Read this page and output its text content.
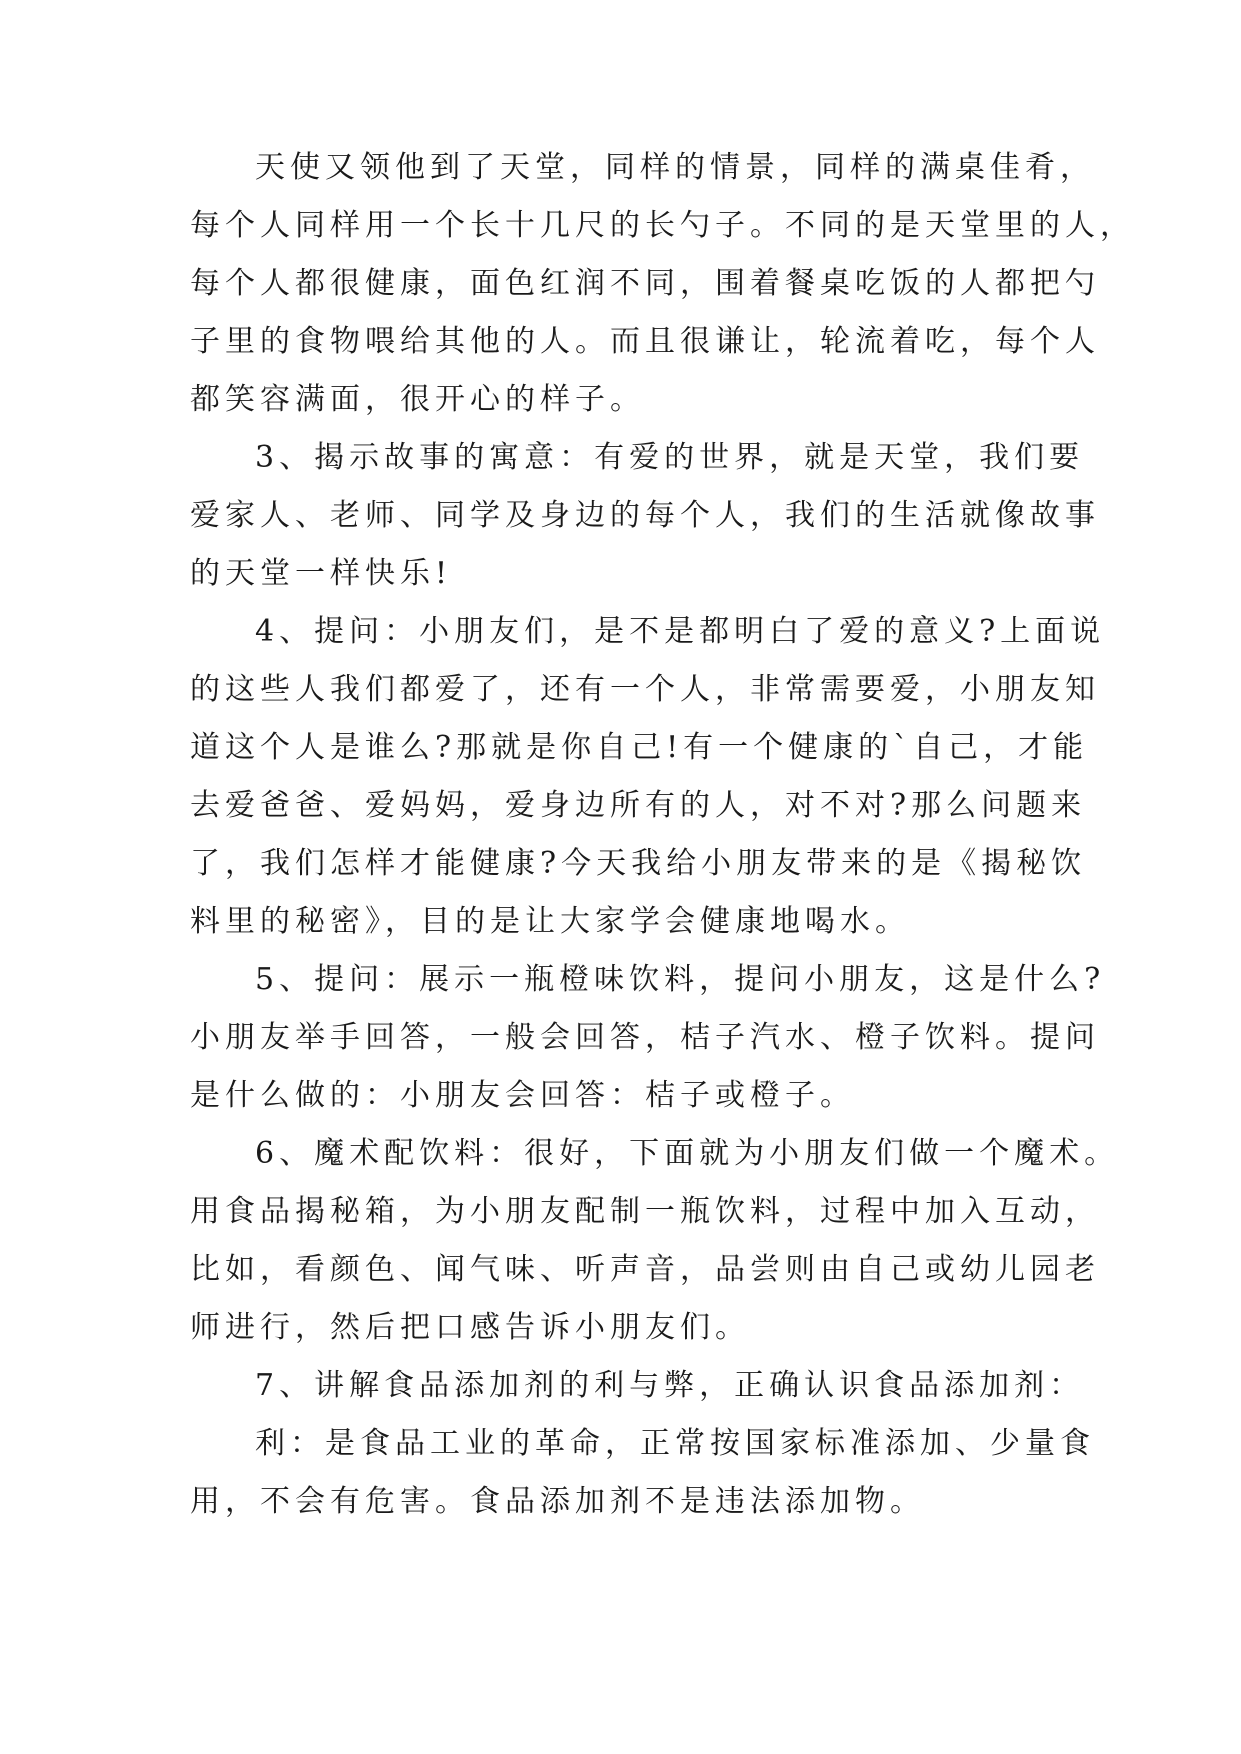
天使又领他到了天堂，同样的情景，同样的满桌佳肴，
每个人同样用一个长十几尺的长勺子。不同的是天堂里的人，
每个人都很健康，面色红润不同，围着餐桌吃饭的人都把勺
子里的食物喂给其他的人。而且很谦让，轮流着吃，每个人
都笑容满面，很开心的样子。
3、揭示故事的寓意：有爱的世界，就是天堂，我们要
爱家人、老师、同学及身边的每个人，我们的生活就像故事
的天堂一样快乐!
4、提问：小朋友们，是不是都明白了爱的意义?上面说
的这些人我们都爱了，还有一个人，非常需要爱，小朋友知
道这个人是谁么?那就是你自己!有一个健康的`自己，才能
去爱爸爸、爱妈妈，爱身边所有的人，对不对?那么问题来
了，我们怎样才能健康?今天我给小朋友带来的是《揭秘饮
料里的秘密》，目的是让大家学会健康地喝水。
5、提问：展示一瓶橙味饮料，提问小朋友，这是什么?
小朋友举手回答，一般会回答，桔子汽水、橙子饮料。提问
是什么做的：小朋友会回答：桔子或橙子。
6、魔术配饮料：很好，下面就为小朋友们做一个魔术。
用食品揭秘箱，为小朋友配制一瓶饮料，过程中加入互动，
比如，看颜色、闻气味、听声音，品尝则由自己或幼儿园老
师进行，然后把口感告诉小朋友们。
7、讲解食品添加剂的利与弊，正确认识食品添加剂：
利：是食品工业的革命，正常按国家标准添加、少量食
用，不会有危害。食品添加剂不是违法添加物。
